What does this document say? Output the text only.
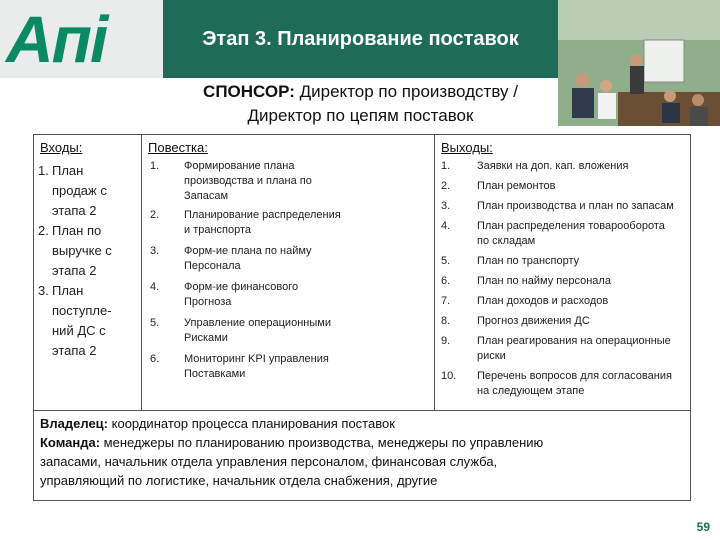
Апі	Этап 3. Планирование поставок
СПОНСОР: Директор по производству /
Директор по цепям поставок
Входы:
1. План
продаж с
этапа 2
2. План по
выручке с
этапа 2
3. План
поступле-
ний ДС с
этапа 2
Повестка:
1. Формирование плана
производства и плана по
Запасам
2. Планирование распределения
и транспорта
3. Форм-ие плана по найму
Персонала
4. Форм-ие финансового
Прогноза
5. Управление операционными
Рисками
6. Мониторинг KPI управления
Поставками
Выходы:
1. Заявки на доп. кап. вложения
2. План ремонтов
3. План производства и план по запасам
4. План распределения товарооборота
по складам
5. План по транспорту
6. План по найму персонала
7. План доходов и расходов
8. Прогноз движения ДС
9. План реагирования на операционные
риски
10. Перечень вопросов для согласования
на следующем этапе
Владелец: координатор процесса планирования поставок
Команда: менеджеры по планированию производства, менеджеры по управлению
запасами, начальник отдела управления персоналом, финансовая служба,
управляющий по логистике, начальник отдела снабжения, другие
59
